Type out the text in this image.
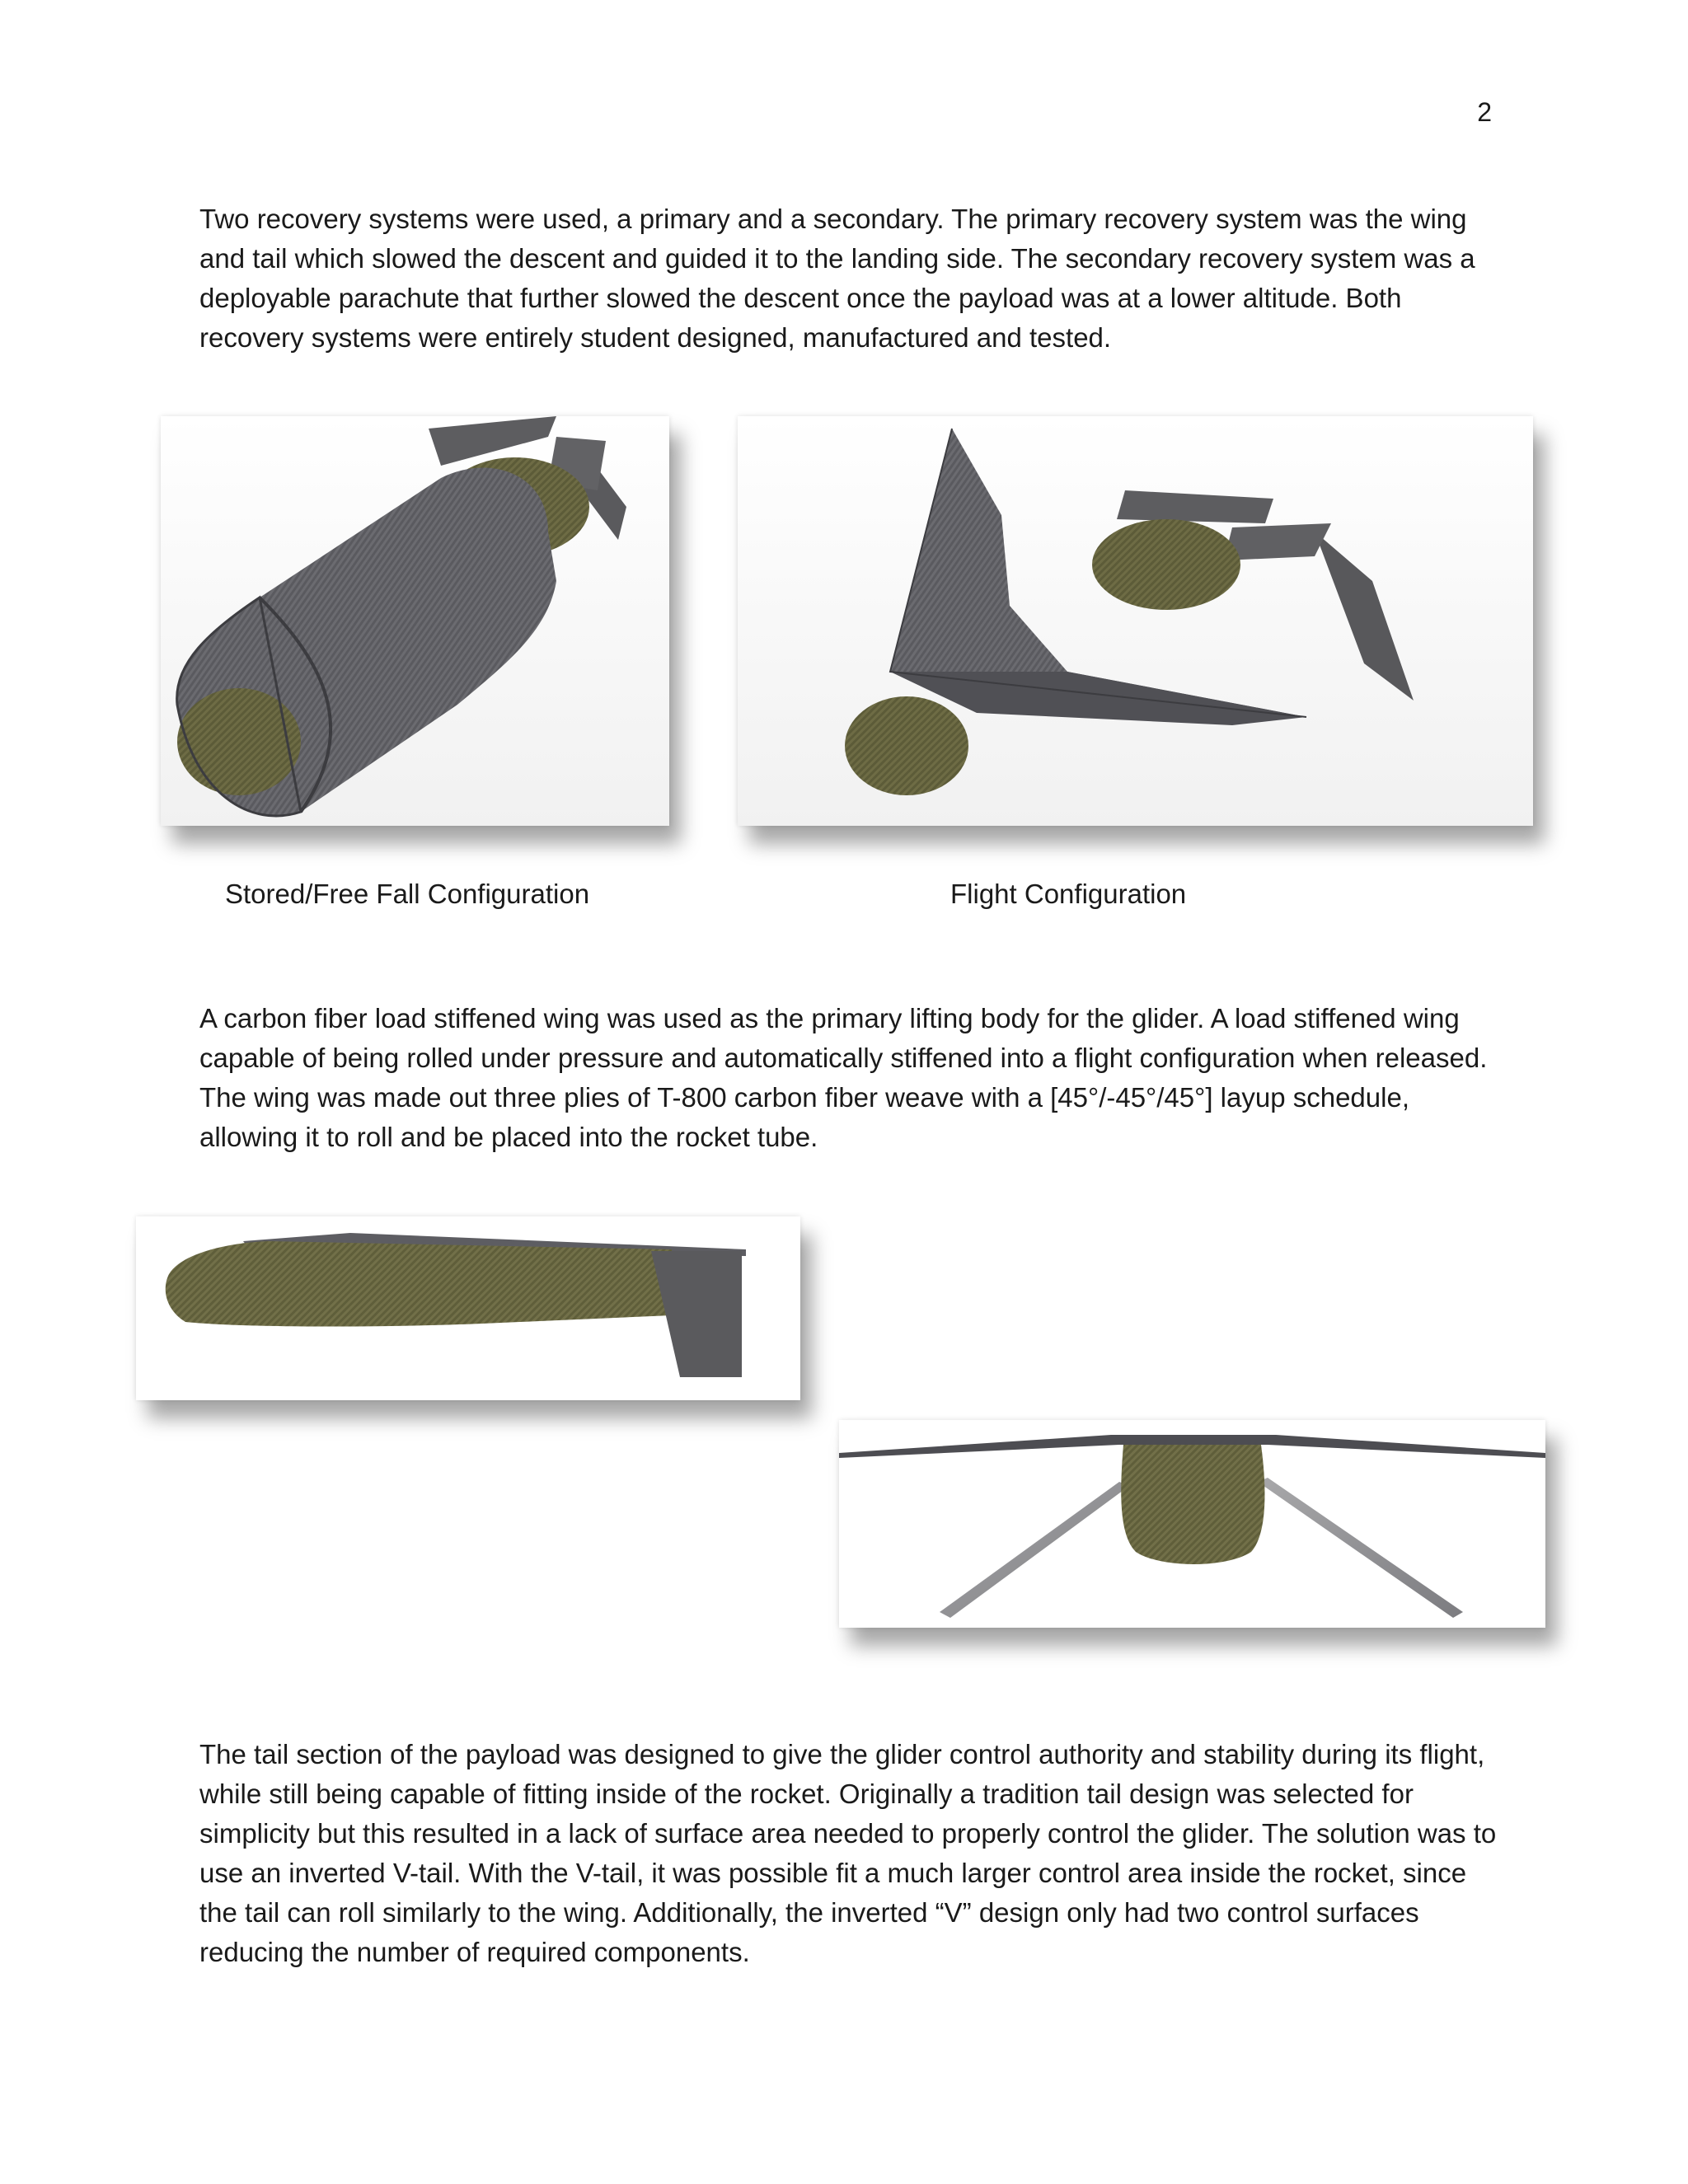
2

Two recovery systems were used, a primary and a secondary. The primary recovery system was the wing and tail which slowed the descent and guided it to the landing side. The secondary recovery system was a deployable parachute that further slowed the descent once the payload was at a lower altitude. Both recovery systems were entirely student designed, manufactured and tested.

Stored/Free Fall Configuration	Flight Configuration

A carbon fiber load stiffened wing was used as the primary lifting body for the glider. A load stiffened wing capable of being rolled under pressure and automatically stiffened into a flight configuration when released. The wing was made out three plies of T-800 carbon fiber weave with a [45°/-45°/45°] layup schedule, allowing it to roll and be placed into the rocket tube.

The tail section of the payload was designed to give the glider control authority and stability during its flight, while still being capable of fitting inside of the rocket. Originally a tradition tail design was selected for simplicity but this resulted in a lack of surface area needed to properly control the glider. The solution was to use an inverted V-tail. With the V-tail, it was possible fit a much larger control area inside the rocket, since the tail can roll similarly to the wing. Additionally, the inverted “V” design only had two control surfaces reducing the number of required components.
